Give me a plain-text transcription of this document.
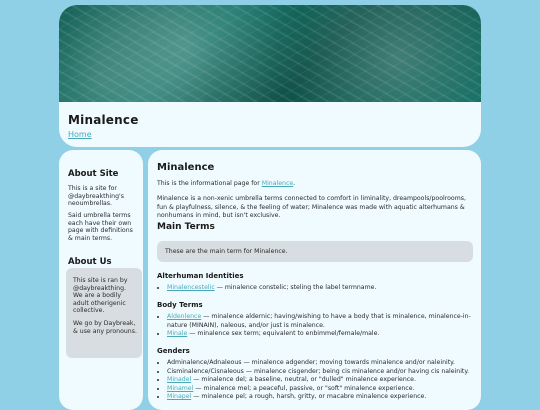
Minalence
Home
About Site

This is a site for @daybreakthing's neoumbrellas.

Said umbrella terms each have their own page with definitions & main terms.

About Us

This site is ran by @daybreakthing. We are a bodily adult otherigenic collective.

We go by Daybreak, & use any pronouns.

Minalence

This is the informational page for Minalence.

Minalence is a non-xenic umbrella terms connected to comfort in liminality, dreampools/poolrooms, fun & playfulness, silence, & the feeling of water; Minalence was made with aquatic alterhumans & nonhumans in mind, but isn't exclusive.

Main Terms
These are the main term for Minalence.
Alterhuman Identities
• Minalencestelic — minalence constelic; steling the label termname.
Body Terms
• Aldenlence — minalence aldernic; having/wishing to have a body that is minalence, minalence-in-nature (MINAIN), naleous, and/or just is minalence.
• Minale — minalence sex term; equivalent to enbimmel/female/male.
Genders
• Adminalence/Adnaleous — minalence adgender; moving towards minalence and/or naleinity.
• Cisminalence/Cisnaleous — minalence cisgender; being cis minalence and/or having cis naleinity.
• Minadel — minalence del; a baseline, neutral, or "dulled" minalence experience.
• Minamel — minalence mel; a peaceful, passive, or "soft" minalence experience.
• Minapel — minalence pel; a rough, harsh, gritty, or macabre minalence experience.
